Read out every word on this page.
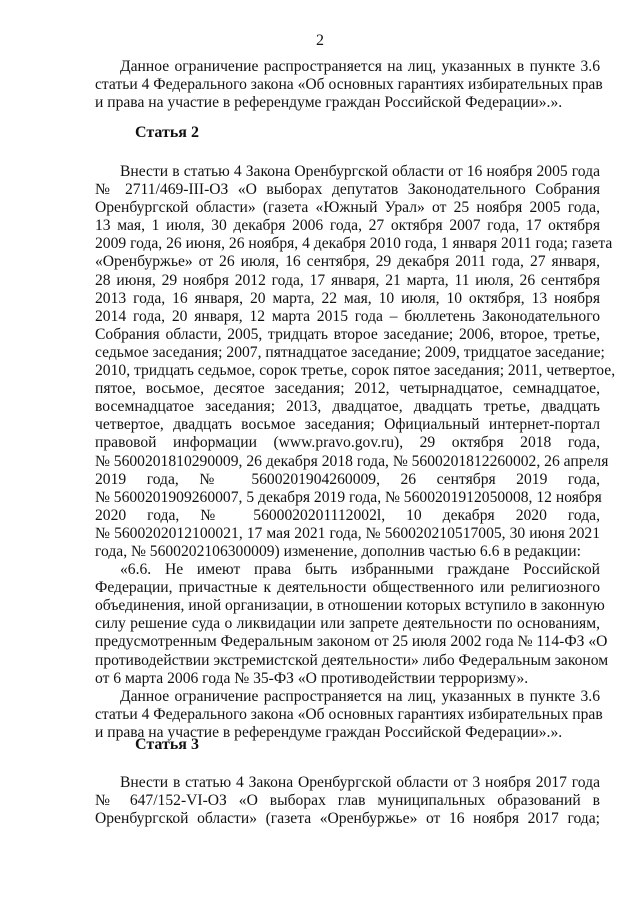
2
Данное ограничение распространяется на лиц, указанных в пункте 3.6
статьи 4 Федерального закона «Об основных гарантиях избирательных прав
и права на участие в референдуме граждан Российской Федерации».».
Статья 2
Внести в статью 4 Закона Оренбургской области от 16 ноября 2005 года
№ 2711/469-III-ОЗ «О выборах депутатов Законодательного Собрания
Оренбургской области» (газета «Южный Урал» от 25 ноября 2005 года,
13 мая, 1 июля, 30 декабря 2006 года, 27 октября 2007 года, 17 октября
2009 года, 26 июня, 26 ноября, 4 декабря 2010 года, 1 января 2011 года; газета
«Оренбуржье» от 26 июля, 16 сентября, 29 декабря 2011 года, 27 января,
28 июня, 29 ноября 2012 года, 17 января, 21 марта, 11 июля, 26 сентября
2013 года, 16 января, 20 марта, 22 мая, 10 июля, 10 октября, 13 ноября
2014 года, 20 января, 12 марта 2015 года – бюллетень Законодательного
Собрания области, 2005, тридцать второе заседание; 2006, второе, третье,
седьмое заседания; 2007, пятнадцатое заседание; 2009, тридцатое заседание;
2010, тридцать седьмое, сорок третье, сорок пятое заседания; 2011, четвертое,
пятое, восьмое, десятое заседания; 2012, четырнадцатое, семнадцатое,
восемнадцатое заседания; 2013, двадцатое, двадцать третье, двадцать
четвертое, двадцать восьмое заседания; Официальный интернет-портал
правовой информации (www.pravo.gov.ru), 29 октября 2018 года,
№ 5600201810290009, 26 декабря 2018 года, № 5600201812260002, 26 апреля
2019 года, № 5600201904260009, 26 сентября 2019 года,
№ 5600201909260007, 5 декабря 2019 года, № 5600201912050008, 12 ноября
2020 года, № 5600020201112002l, 10 декабря 2020 года,
№ 5600202012100021, 17 мая 2021 года, № 560020210517005, 30 июня 2021
года, № 5600202106300009) изменение, дополнив частью 6.6 в редакции:
«6.6. Не имеют права быть избранными граждане Российской
Федерации, причастные к деятельности общественного или религиозного
объединения, иной организации, в отношении которых вступило в законную
силу решение суда о ликвидации или запрете деятельности по основаниям,
предусмотренным Федеральным законом от 25 июля 2002 года № 114-ФЗ «О
противодействии экстремистской деятельности» либо Федеральным законом
от 6 марта 2006 года № 35-ФЗ «О противодействии терроризму».
Данное ограничение распространяется на лиц, указанных в пункте 3.6
статьи 4 Федерального закона «Об основных гарантиях избирательных прав
и права на участие в референдуме граждан Российской Федерации».».
Статья 3
Внести в статью 4 Закона Оренбургской области от 3 ноября 2017 года
№ 647/152-VI-ОЗ «О выборах глав муниципальных образований в
Оренбургской области» (газета «Оренбуржье» от 16 ноября 2017 года;
